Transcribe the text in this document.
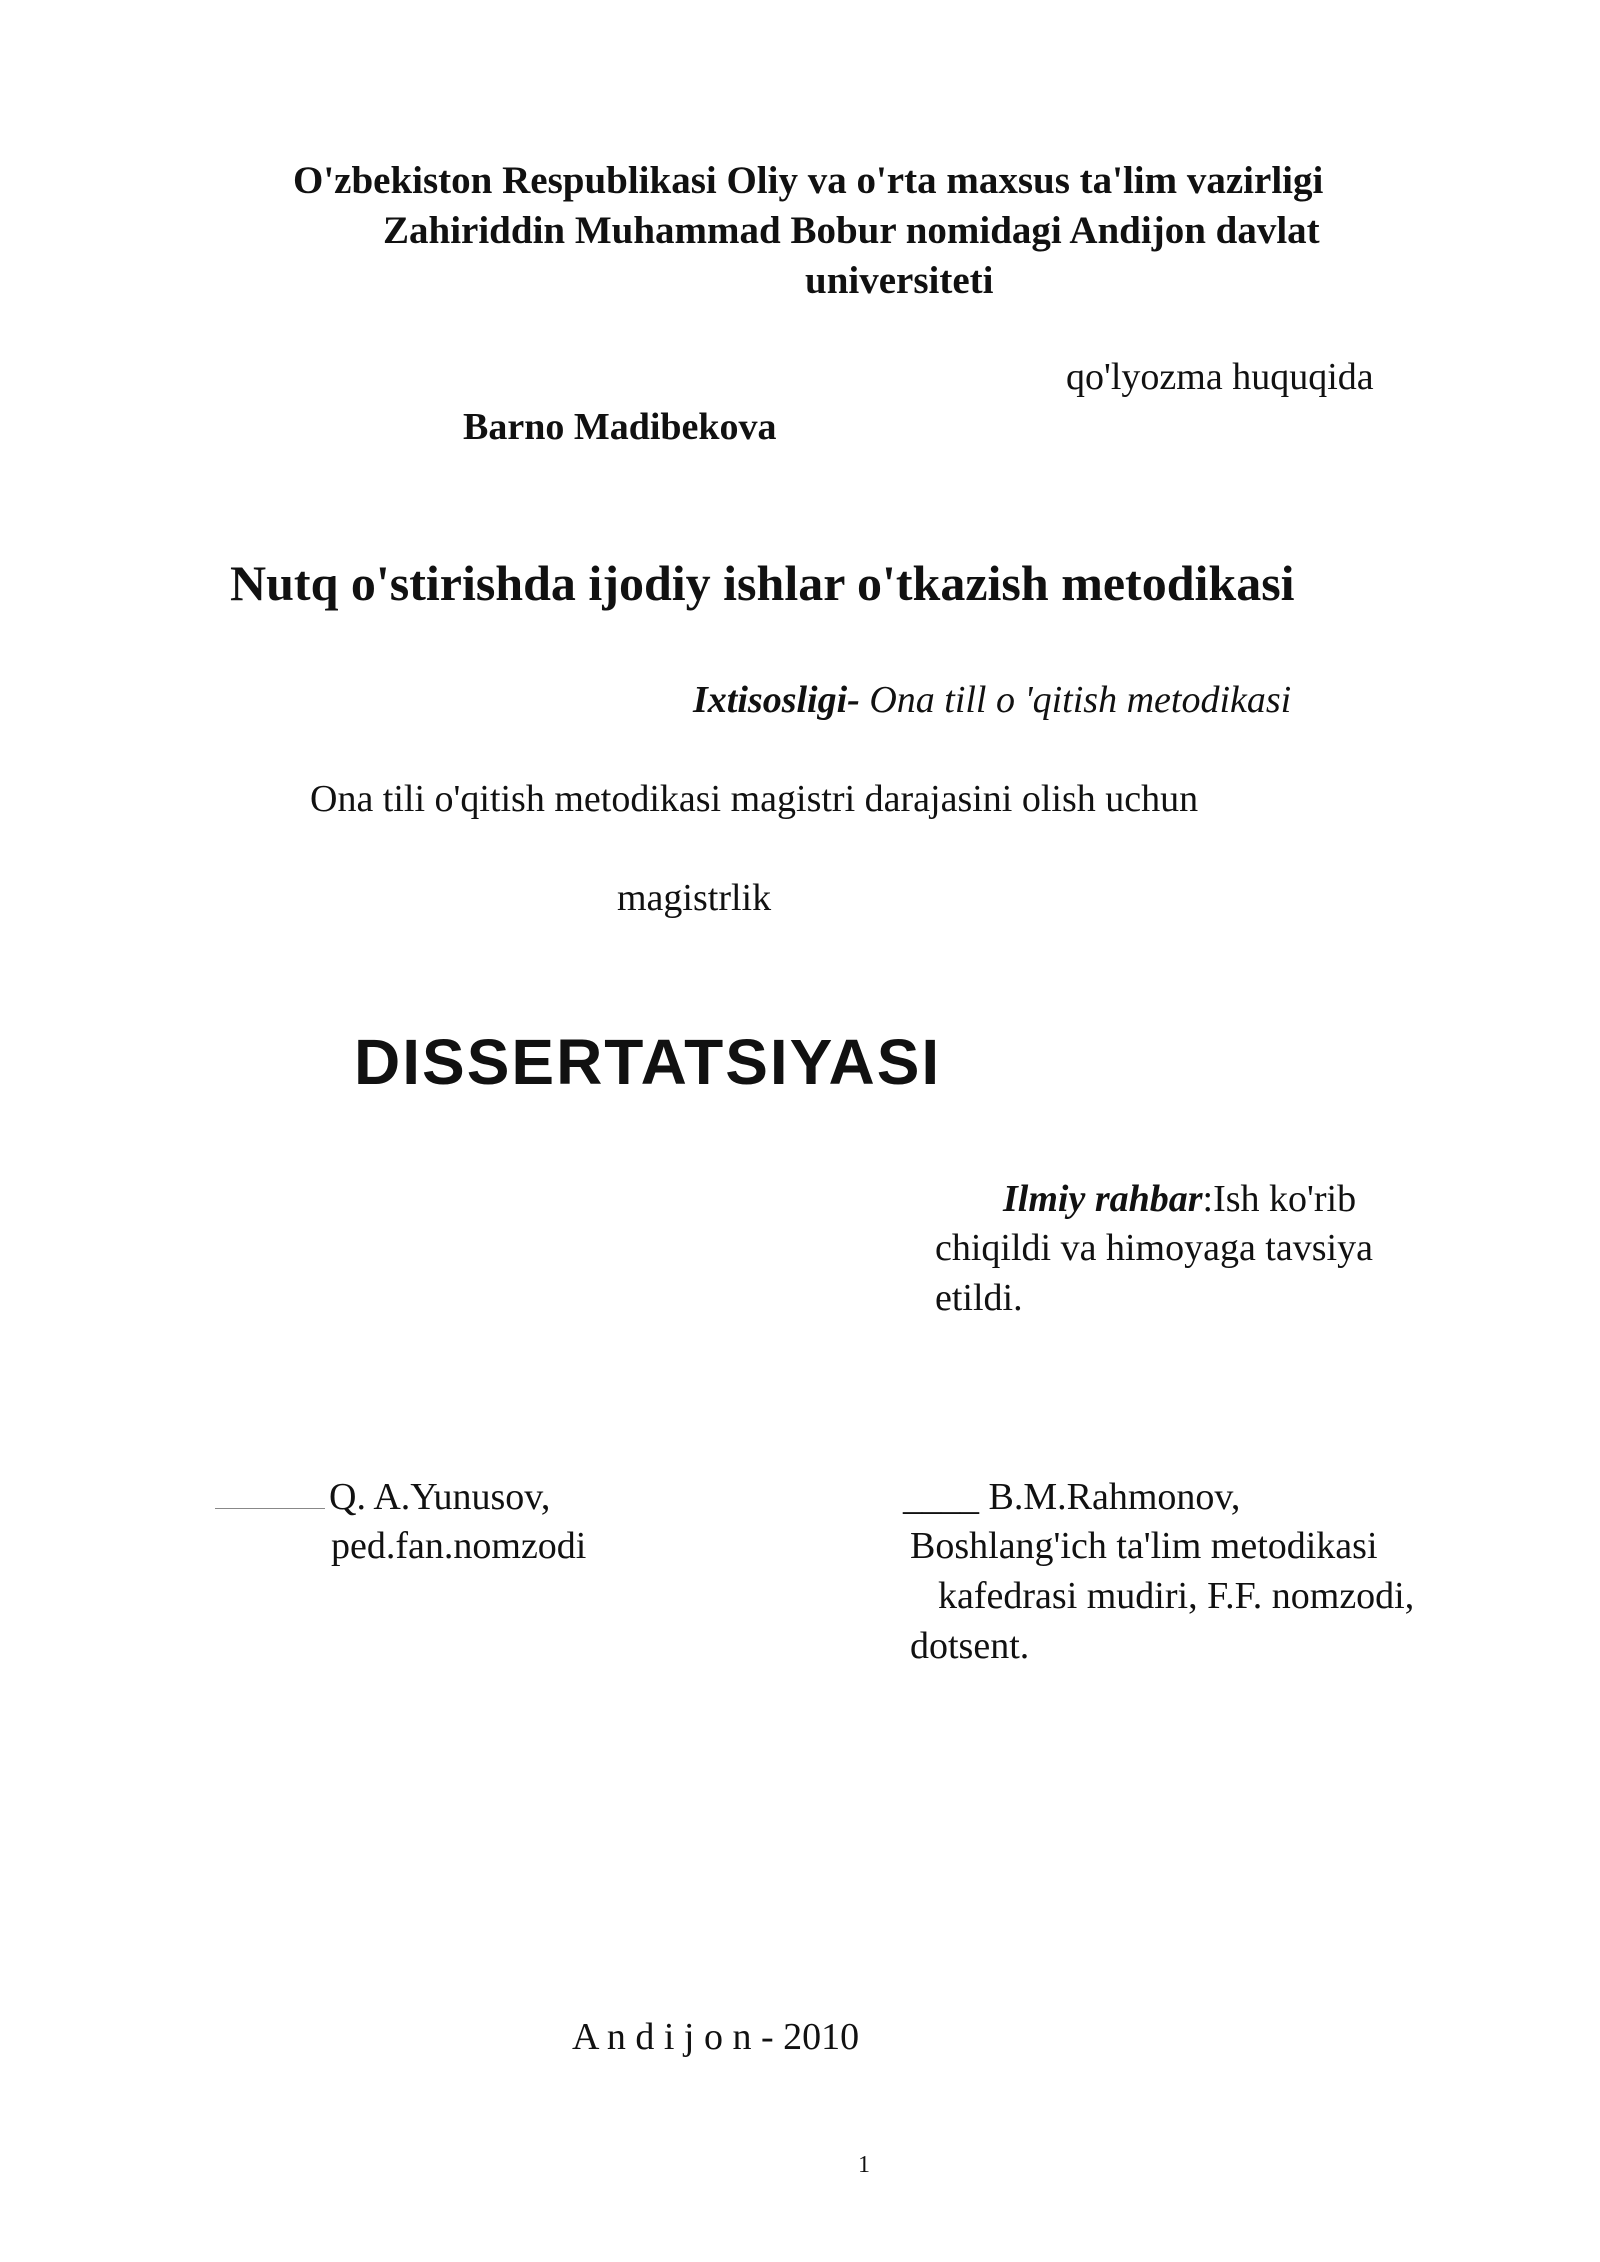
O'zbekiston Respublikasi Oliy va o'rta maxsus ta'lim vazirligi
Zahiriddin Muhammad Bobur nomidagi Andijon davlat
universiteti
qo'lyozma huquqida
Barno Madibekova
Nutq o'stirishda ijodiy ishlar o'tkazish metodikasi
Ixtisosligi- Ona till o 'qitish metodikasi
Ona tili o'qitish metodikasi magistri darajasini olish uchun
magistrlik
DISSERTATSIYASI
Ilmiy rahbar:Ish ko'rib
chiqildi va himoyaga tavsiya
etildi.
Q. A.Yunusov,
ped.fan.nomzodi
____ B.M.Rahmonov,
Boshlang'ich ta'lim metodikasi
kafedrasi mudiri, F.F. nomzodi,
dotsent.
A n d i j o n - 2010
1
